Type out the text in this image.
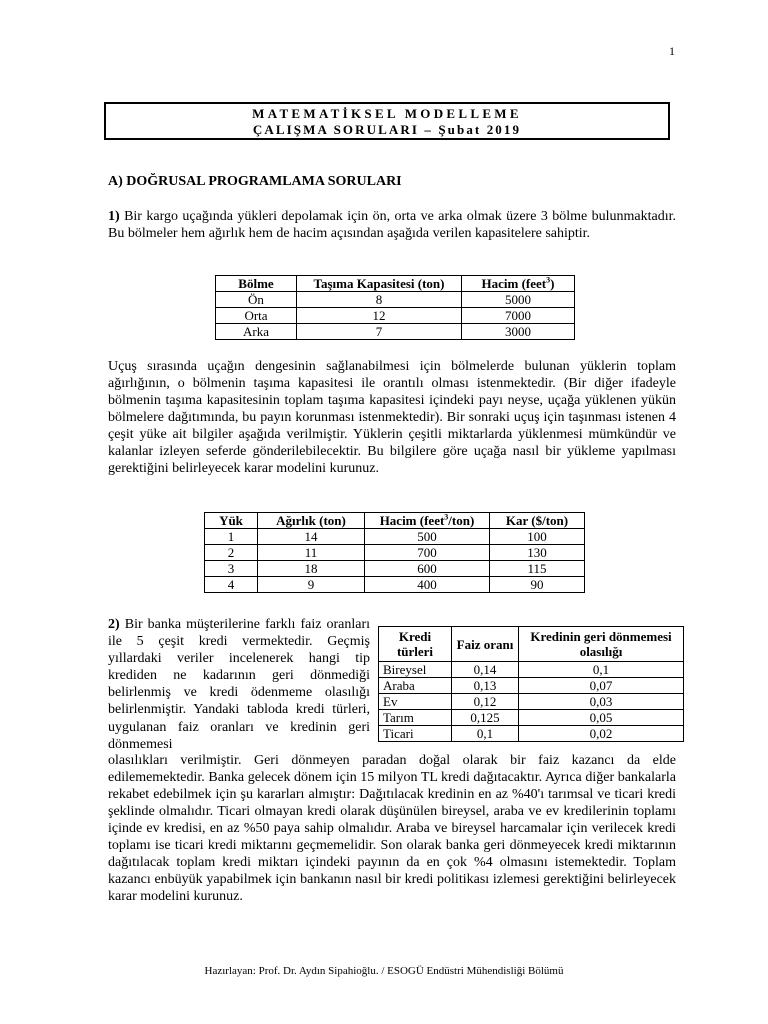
1
MATEMATİKSEL MODELLEME
ÇALIŞMA SORULARI – Şubat 2019
A) DOĞRUSAL PROGRAMLAMA SORULARI

1) Bir kargo uçağında yükleri depolamak için ön, orta ve arka olmak üzere 3 bölme bulunmaktadır. Bu bölmeler hem ağırlık hem de hacim açısından aşağıda verilen kapasitelere sahiptir.

Bölme	Taşıma Kapasitesi (ton)	Hacim (feet$^3$)
Ön	8	5000
Orta	12	7000
Arka	7	3000

Uçuş sırasında uçağın dengesinin sağlanabilmesi için bölmelerde bulunan yüklerin toplam ağırlığının, o bölmenin taşıma kapasitesi ile orantılı olması istenmektedir. (Bir diğer ifadeyle bölmenin taşıma kapasitesinin toplam taşıma kapasitesi içindeki payı neyse, uçağa yüklenen yükün bölmelere dağıtımında, bu payın korunması istenmektedir). Bir sonraki uçuş için taşınması istenen 4 çeşit yüke ait bilgiler aşağıda verilmiştir. Yüklerin çeşitli miktarlarda yüklenmesi mümkündür ve kalanlar izleyen seferde gönderilebilecektir. Bu bilgilere göre uçağa nasıl bir yükleme yapılması gerektiğini belirleyecek karar modelini kurunuz.

Yük	Ağırlık (ton)	Hacim (feet$^3$/ton)	Kar ($/ton)
1	14	500	100
2	11	700	130
3	18	600	115
4	9	400	90

2) Bir banka müşterilerine farklı faiz oranları ile 5 çeşit kredi vermektedir. Geçmiş yıllardaki veriler incelenerek hangi tip krediden ne kadarının geri dönmediği belirlenmiş ve kredi ödenmeme olasılığı belirlenmiştir. Yandaki tabloda kredi türleri, uygulanan faiz oranları ve kredinin geri dönmemesi

Kredi türleri	Faiz oranı	Kredinin geri dönmemesi olasılığı
Bireysel	0,14	0,1
Araba	0,13	0,07
Ev	0,12	0,03
Tarım	0,125	0,05
Ticari	0,1	0,02

olasılıkları verilmiştir. Geri dönmeyen paradan doğal olarak bir faiz kazancı da elde edilememektedir. Banka gelecek dönem için 15 milyon TL kredi dağıtacaktır. Ayrıca diğer bankalarla rekabet edebilmek için şu kararları almıştır: Dağıtılacak kredinin en az %40'ı tarımsal ve ticari kredi şeklinde olmalıdır. Ticari olmayan kredi olarak düşünülen bireysel, araba ve ev kredilerinin toplamı içinde ev kredisi, en az %50 paya sahip olmalıdır. Araba ve bireysel harcamalar için verilecek kredi toplamı ise ticari kredi miktarını geçmemelidir. Son olarak banka geri dönmeyecek kredi miktarının dağıtılacak toplam kredi miktarı içindeki payının da en çok %4 olmasını istemektedir. Toplam kazancı enbüyük yapabilmek için bankanın nasıl bir kredi politikası izlemesi gerektiğini belirleyecek karar modelini kurunuz.

Hazırlayan: Prof. Dr. Aydın Sipahioğlu. / ESOGÜ Endüstri Mühendisliği Bölümü
